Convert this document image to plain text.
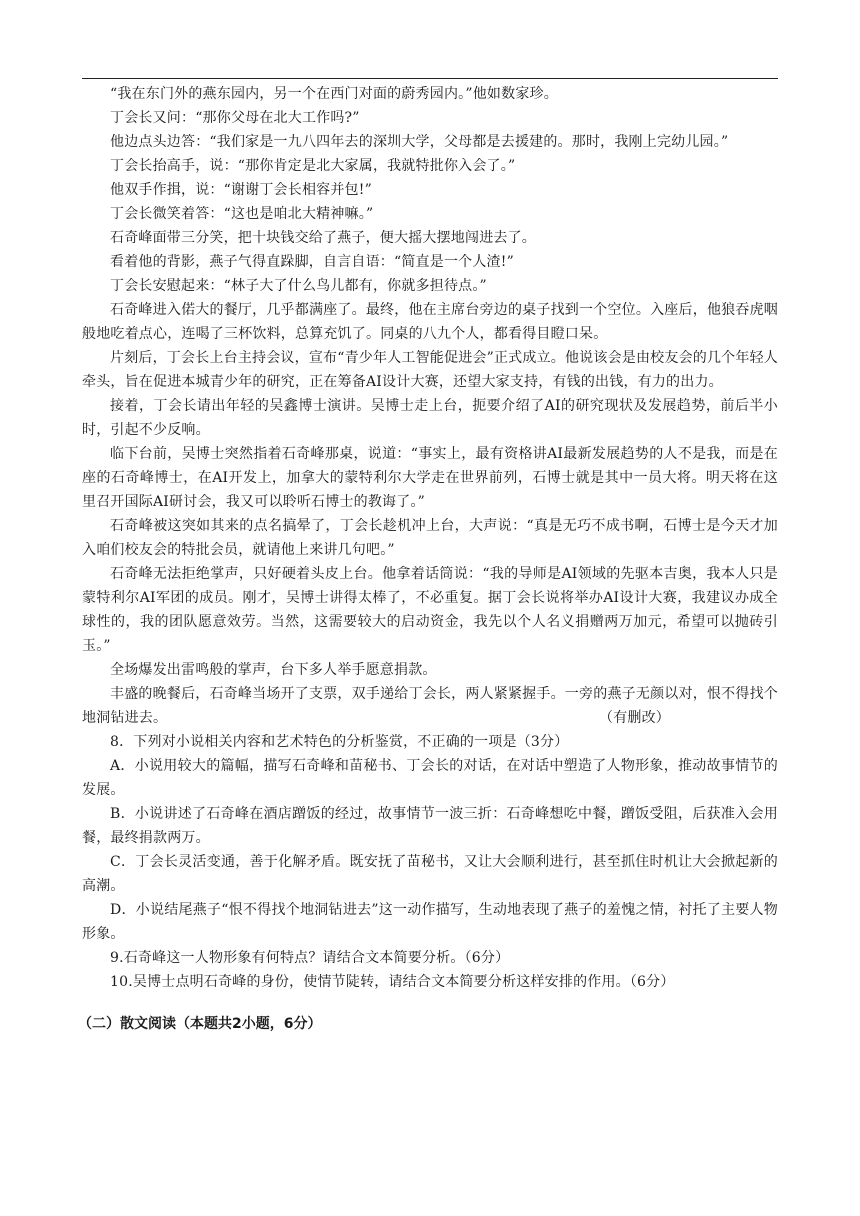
“我在东门外的燕东园内，另一个在西门对面的蔚秀园内。”他如数家珍。

丁会长又问：“那你父母在北大工作吗?”

他边点头边答：“我们家是一九八四年去的深圳大学，父母都是去援建的。那时，我刚上完幼儿园。”

丁会长抬高手，说：“那你肯定是北大家属，我就特批你入会了。”

他双手作揖，说：“谢谢丁会长相容并包!”

丁会长微笑着答：“这也是咱北大精神嘛。”

石奇峰面带三分笑，把十块钱交给了燕子，便大摇大摆地闯进去了。

看着他的背影，燕子气得直跺脚，自言自语：“简直是一个人渣!”

丁会长安慰起来：“林子大了什么鸟儿都有，你就多担待点。”

石奇峰进入偌大的餐厅，几乎都满座了。最终，他在主席台旁边的桌子找到一个空位。入座后，他狼吞虎咽般地吃着点心，连喝了三杯饮料，总算充饥了。同桌的八九个人，都看得目瞪口呆。

片刻后，丁会长上台主持会议，宣布“青少年人工智能促进会”正式成立。他说该会是由校友会的几个年轻人牵头，旨在促进本城青少年的研究，正在筹备AI设计大赛，还望大家支持，有钱的出钱，有力的出力。

接着，丁会长请出年轻的吴鑫博士演讲。吴博士走上台，扼要介绍了AI的研究现状及发展趋势，前后半小时，引起不少反响。

临下台前，吴博士突然指着石奇峰那桌，说道：“事实上，最有资格讲AI最新发展趋势的人不是我，而是在座的石奇峰博士，在AI开发上，加拿大的蒙特利尔大学走在世界前列，石博士就是其中一员大将。明天将在这里召开国际AI研讨会，我又可以聆听石博士的教诲了。”

石奇峰被这突如其来的点名搞晕了，丁会长趁机冲上台，大声说：“真是无巧不成书啊，石博士是今天才加入咱们校友会的特批会员，就请他上来讲几句吧。”

石奇峰无法拒绝掌声，只好硬着头皮上台。他拿着话筒说：“我的导师是AI领域的先驱本吉奥，我本人只是蒙特利尔AI军团的成员。刚才，吴博士讲得太棒了，不必重复。据丁会长说将举办AI设计大赛，我建议办成全球性的，我的团队愿意效劳。当然，这需要较大的启动资金，我先以个人名义捐赠两万加元，希望可以抛砖引玉。”

全场爆发出雷鸣般的掌声，台下多人举手愿意捐款。

丰盛的晚餐后，石奇峰当场开了支票，双手递给丁会长，两人紧紧握手。一旁的燕子无颜以对，恨不得找个地洞钻进去。	（有删改）

8．下列对小说相关内容和艺术特色的分析鉴赏，不正确的一项是（3分）

A．小说用较大的篇幅，描写石奇峰和苗秘书、丁会长的对话，在对话中塑造了人物形象，推动故事情节的发展。

B．小说讲述了石奇峰在酒店蹭饭的经过，故事情节一波三折：石奇峰想吃中餐，蹭饭受阻，后获准入会用餐，最终捐款两万。

C．丁会长灵活变通，善于化解矛盾。既安抚了苗秘书，又让大会顺利进行，甚至抓住时机让大会掀起新的高潮。

D．小说结尾燕子“恨不得找个地洞钻进去”这一动作描写，生动地表现了燕子的羞愧之情，衬托了主要人物形象。

9.石奇峰这一人物形象有何特点？请结合文本简要分析。（6分）

10.吴博士点明石奇峰的身份，使情节陡转，请结合文本简要分析这样安排的作用。（6分）

（二）散文阅读（本题共2小题，6分）
